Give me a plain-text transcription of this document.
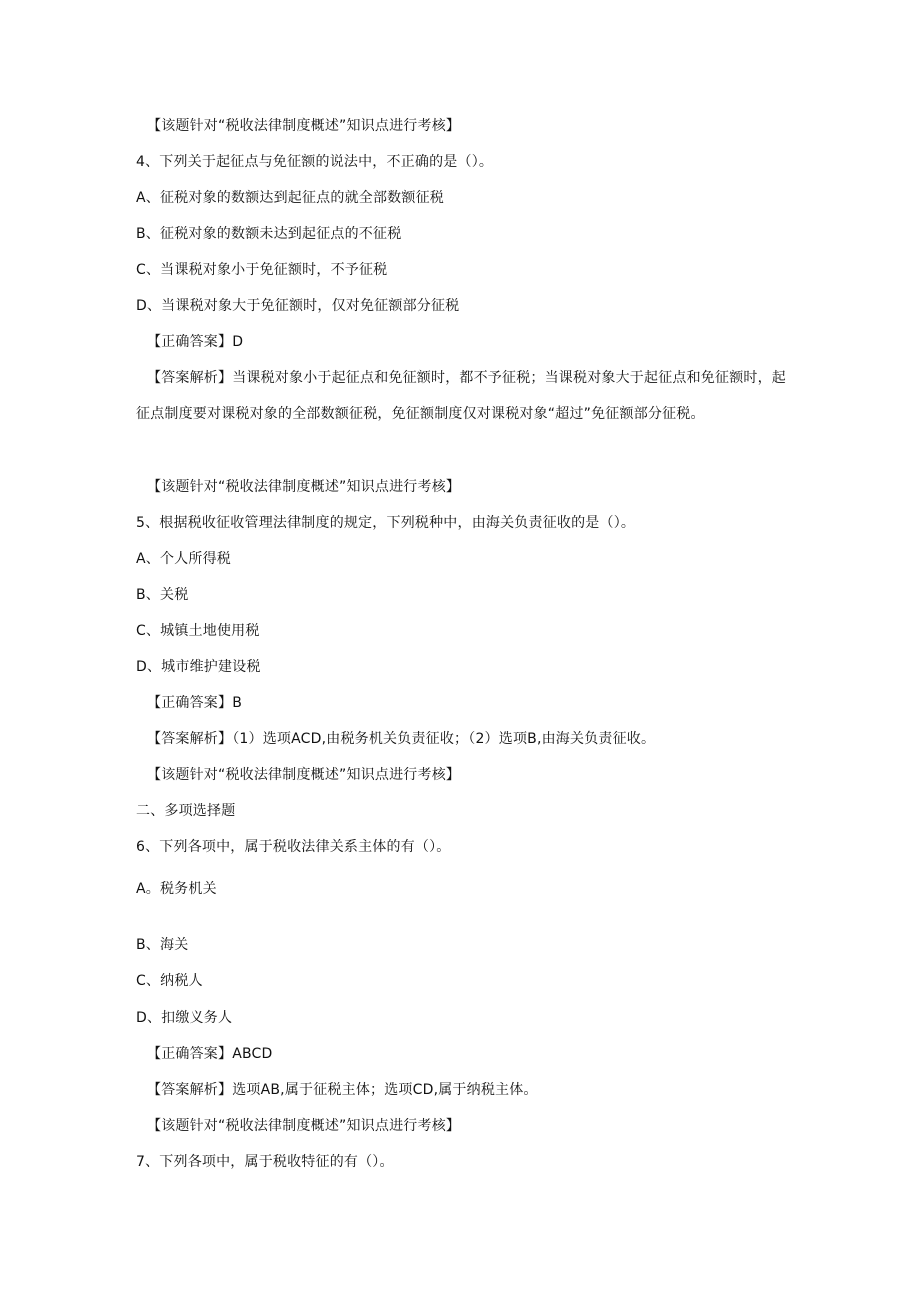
【该题针对“税收法律制度概述”知识点进行考核】
4、下列关于起征点与免征额的说法中，不正确的是（）。
A、征税对象的数额达到起征点的就全部数额征税
B、征税对象的数额未达到起征点的不征税
C、当课税对象小于免征额时，不予征税
D、当课税对象大于免征额时，仅对免征额部分征税
【正确答案】D
【答案解析】当课税对象小于起征点和免征额时，都不予征税；当课税对象大于起征点和免征额时，起征点制度要对课税对象的全部数额征税，免征额制度仅对课税对象“超过”免征额部分征税。
【该题针对“税收法律制度概述”知识点进行考核】
5、根据税收征收管理法律制度的规定，下列税种中，由海关负责征收的是（）。
A、个人所得税
B、关税
C、城镇土地使用税
D、城市维护建设税
【正确答案】B
【答案解析】（1）选项ACD,由税务机关负责征收；（2）选项B,由海关负责征收。
【该题针对“税收法律制度概述”知识点进行考核】
二、多项选择题
6、下列各项中，属于税收法律关系主体的有（）。
A。税务机关
B、海关
C、纳税人
D、扣缴义务人
【正确答案】ABCD
【答案解析】选项AB,属于征税主体；选项CD,属于纳税主体。
【该题针对“税收法律制度概述”知识点进行考核】
7、下列各项中，属于税收特征的有（）。
